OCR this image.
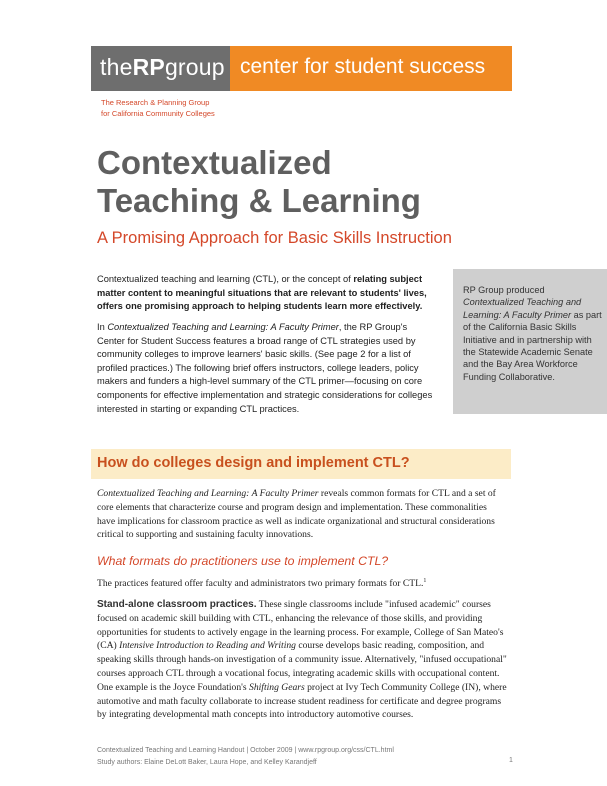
theRPgroup center for student success
The Research & Planning Group
for California Community Colleges
Contextualized
Teaching & Learning
A Promising Approach for Basic Skills Instruction
Contextualized teaching and learning (CTL), or the concept of relating subject matter content to meaningful situations that are relevant to students' lives, offers one promising approach to helping students learn more effectively.
In Contextualized Teaching and Learning: A Faculty Primer, the RP Group's Center for Student Success features a broad range of CTL strategies used by community colleges to improve learners' basic skills. (See page 2 for a list of profiled practices.) The following brief offers instructors, college leaders, policy makers and funders a high-level summary of the CTL primer—focusing on core components for effective implementation and strategic considerations for colleges interested in starting or expanding CTL practices.
RP Group produced Contextualized Teaching and Learning: A Faculty Primer as part of the California Basic Skills Initiative and in partnership with the Statewide Academic Senate and the Bay Area Workforce Funding Collaborative.
How do colleges design and implement CTL?
Contextualized Teaching and Learning: A Faculty Primer reveals common formats for CTL and a set of core elements that characterize course and program design and implementation. These commonalities have implications for classroom practice as well as indicate organizational and structural considerations critical to supporting and sustaining faculty innovations.
What formats do practitioners use to implement CTL?
The practices featured offer faculty and administrators two primary formats for CTL.$^1$
Stand-alone classroom practices. These single classrooms include "infused academic" courses focused on academic skill building with CTL, enhancing the relevance of those skills, and providing opportunities for students to actively engage in the learning process. For example, College of San Mateo's (CA) Intensive Introduction to Reading and Writing course develops basic reading, composition, and speaking skills through hands-on investigation of a community issue. Alternatively, "infused occupational" courses approach CTL through a vocational focus, integrating academic skills with occupational content. One example is the Joyce Foundation's Shifting Gears project at Ivy Tech Community College (IN), where automotive and math faculty collaborate to increase student readiness for certificate and degree programs by integrating developmental math concepts into introductory automotive courses.
Contextualized Teaching and Learning Handout | October 2009 | www.rpgroup.org/css/CTL.html
Study authors: Elaine DeLott Baker, Laura Hope, and Kelley Karandjeff	1
